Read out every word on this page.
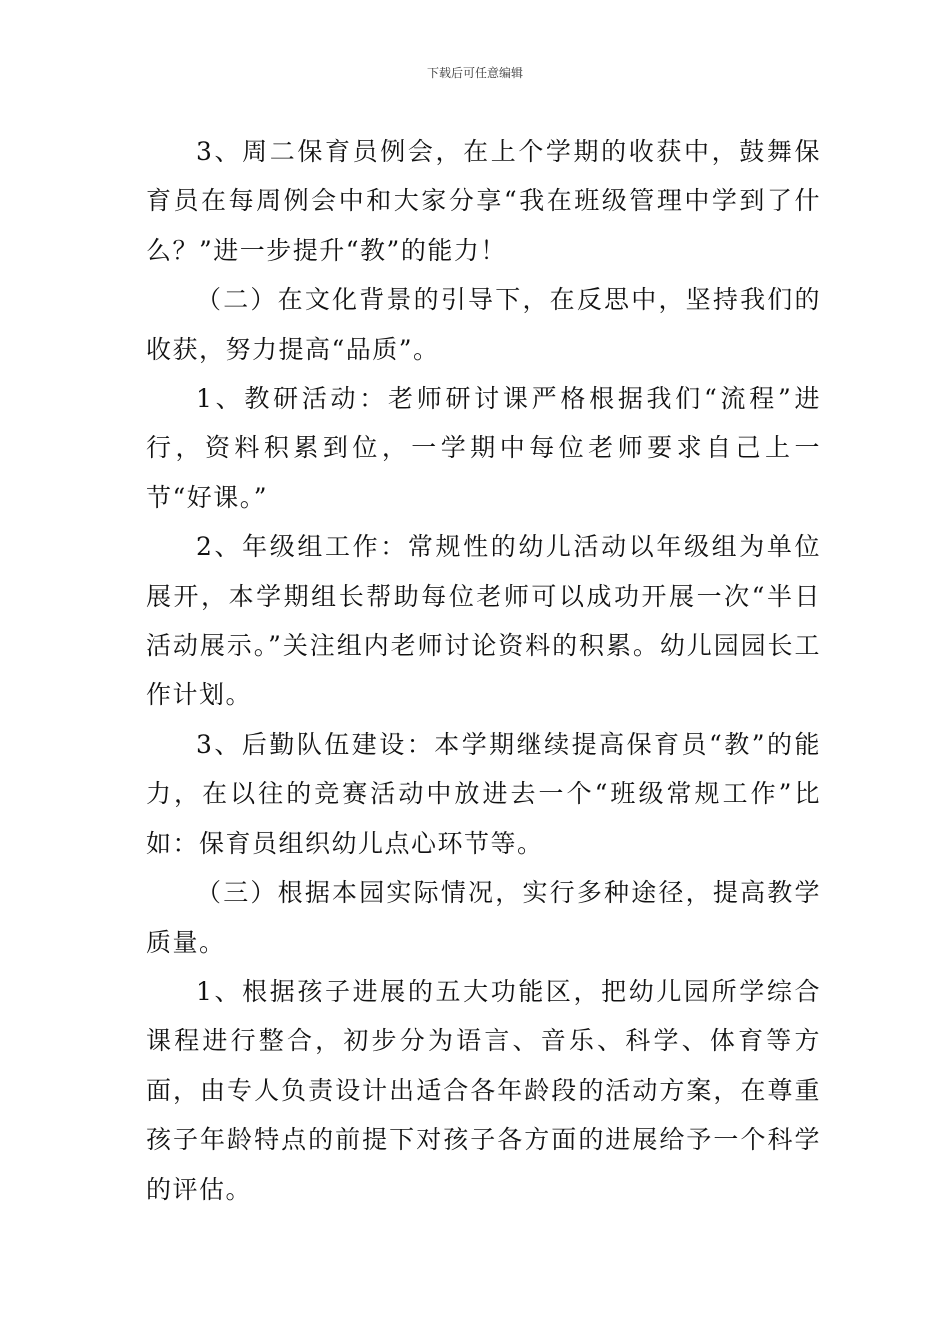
下载后可任意编辑

3、周二保育员例会，在上个学期的收获中，鼓舞保育员在每周例会中和大家分享“我在班级管理中学到了什么？”进一步提升“教”的能力！

（二）在文化背景的引导下，在反思中，坚持我们的收获，努力提高“品质”。

1、教研活动：老师研讨课严格根据我们“流程”进行，资料积累到位，一学期中每位老师要求自己上一节“好课。”

2、年级组工作：常规性的幼儿活动以年级组为单位展开，本学期组长帮助每位老师可以成功开展一次“半日活动展示。”关注组内老师讨论资料的积累。幼儿园园长工作计划。

3、后勤队伍建设：本学期继续提高保育员“教”的能力，在以往的竞赛活动中放进去一个“班级常规工作”比如：保育员组织幼儿点心环节等。

（三）根据本园实际情况，实行多种途径，提高教学质量。

1、根据孩子进展的五大功能区，把幼儿园所学综合课程进行整合，初步分为语言、音乐、科学、体育等方面，由专人负责设计出适合各年龄段的活动方案，在尊重孩子年龄特点的前提下对孩子各方面的进展给予一个科学的评估。
